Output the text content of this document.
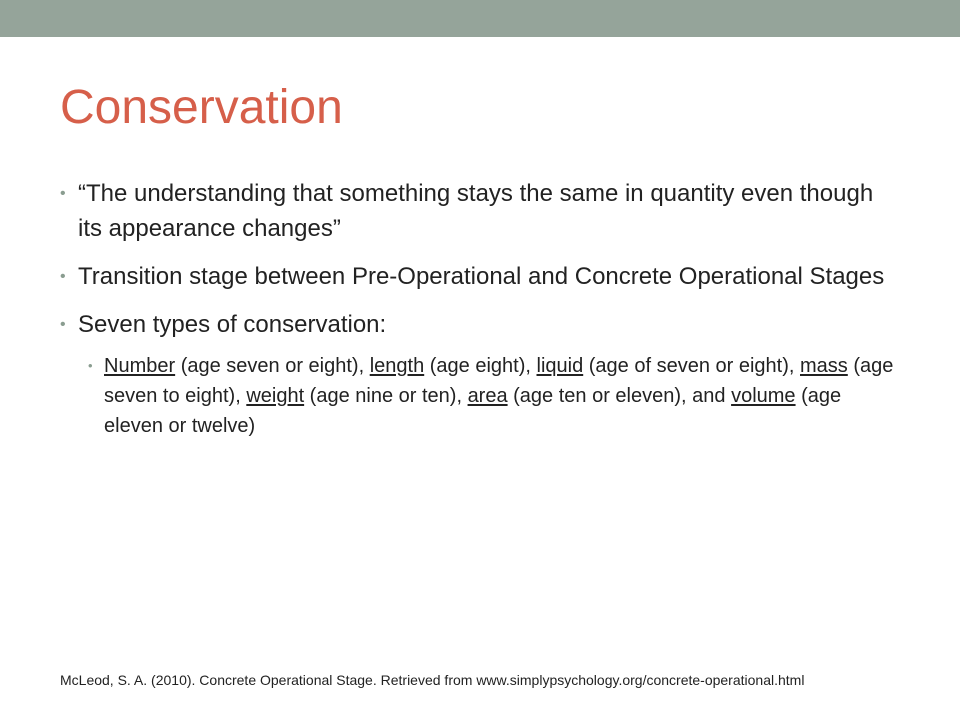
Conservation
• “The understanding that something stays the same in quantity even though its appearance changes”
• Transition stage between Pre-Operational and Concrete Operational Stages
• Seven types of conservation:
• Number (age seven or eight), length (age eight), liquid (age of seven or eight), mass (age seven to eight), weight (age nine or ten), area (age ten or eleven), and volume (age eleven or twelve)

McLeod, S. A. (2010). Concrete Operational Stage. Retrieved from www.simplypsychology.org/concrete-operational.html
